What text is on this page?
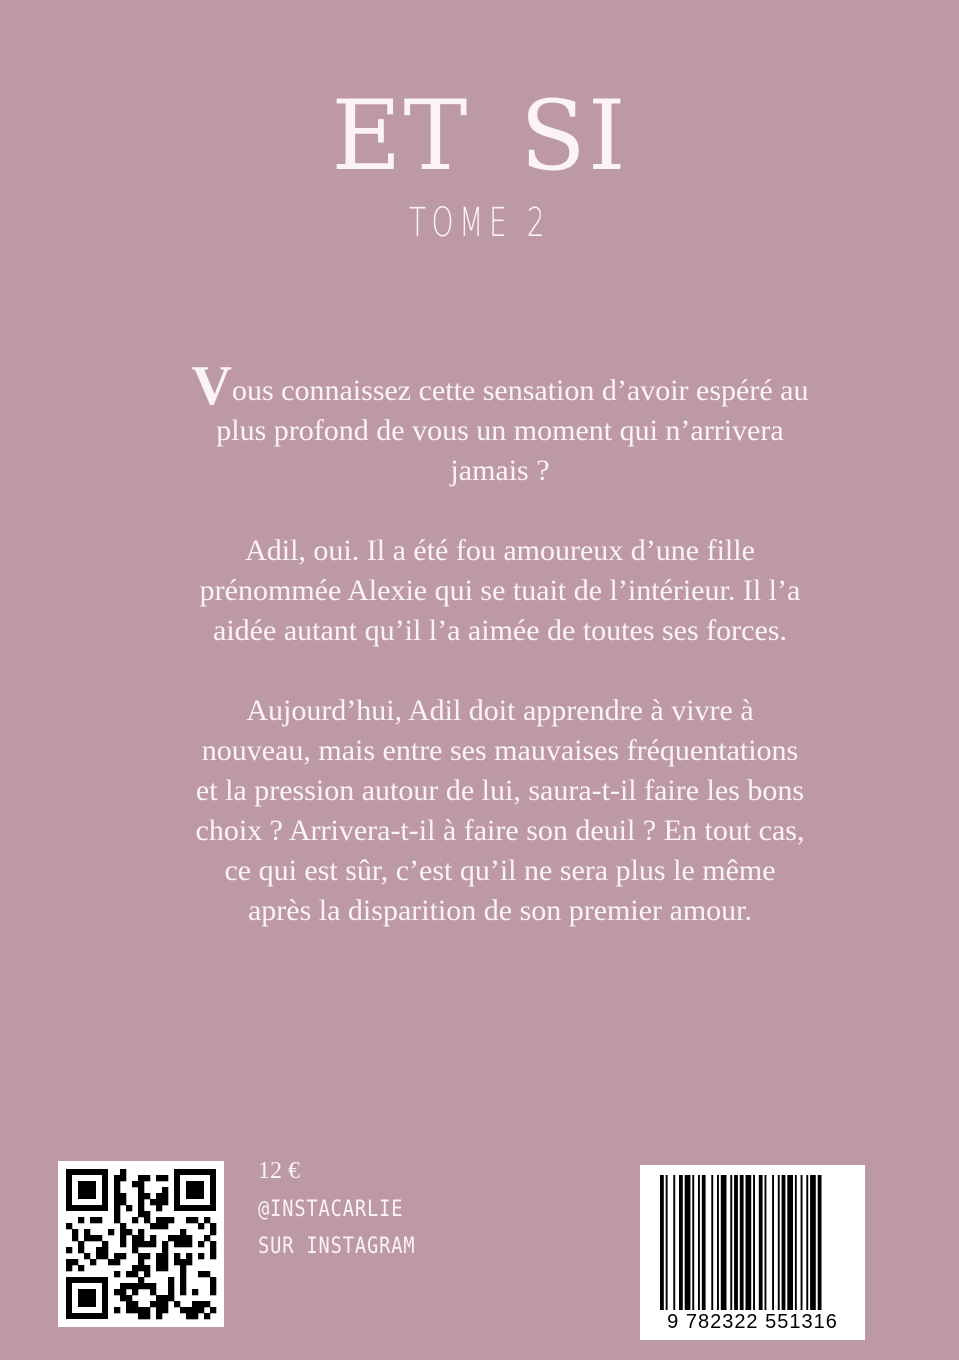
ET SI
TOME 2

Vous connaissez cette sensation d’avoir espéré au plus profond de vous un moment qui n’arrivera jamais ?

Adil, oui. Il a été fou amoureux d’une fille prénommée Alexie qui se tuait de l’intérieur. Il l’a aidée autant qu’il l’a aimée de toutes ses forces.

Aujourd’hui, Adil doit apprendre à vivre à nouveau, mais entre ses mauvaises fréquentations et la pression autour de lui, saura-t-il faire les bons choix ? Arrivera-t-il à faire son deuil ? En tout cas, ce qui est sûr, c’est qu’il ne sera plus le même après la disparition de son premier amour.

12 €
@INSTACARLIE
SUR INSTAGRAM
9 782322 551316
